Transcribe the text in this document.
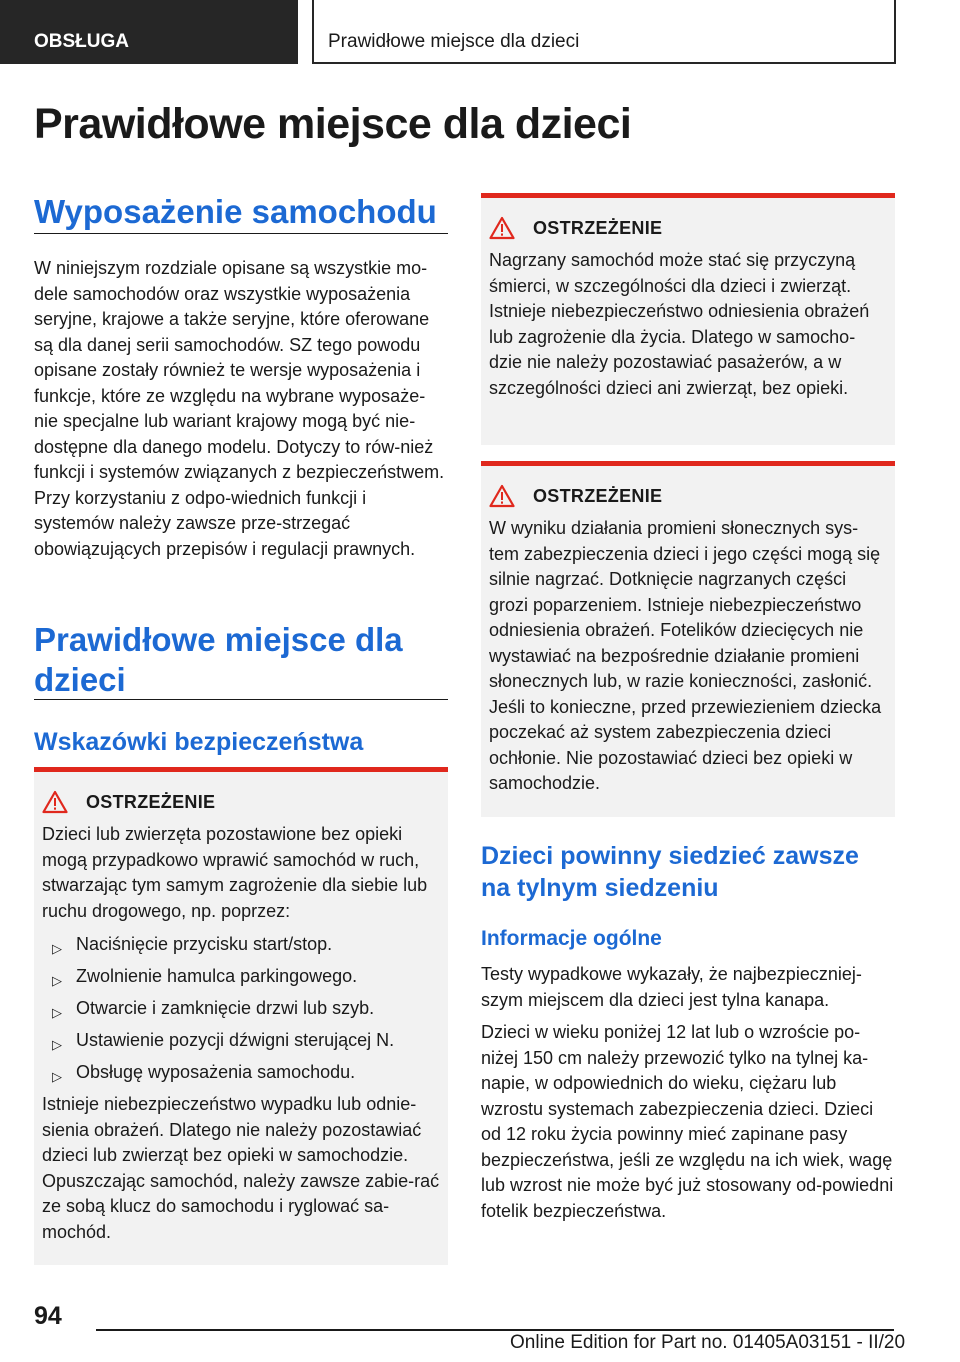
OBSŁUGA	Prawidłowe miejsce dla dzieci
Prawidłowe miejsce dla dzieci
Wyposażenie samochodu

W niniejszym rozdziale opisane są wszystkie mo-dele samochodów oraz wszystkie wyposażenia seryjne, krajowe a także seryjne, które oferowane są dla danej serii samochodów. SZ tego powodu opisane zostały również te wersje wyposażenia i funkcje, które ze względu na wybrane wyposaże-nie specjalne lub wariant krajowy mogą być nie-dostępne dla danego modelu. Dotyczy to rów-nież funkcji i systemów związanych z bezpieczeństwem. Przy korzystaniu z odpo-wiednich funkcji i systemów należy zawsze prze-strzegać obowiązujących przepisów i regulacji prawnych.

Prawidłowe miejsce dla dzieci
Wskazówki bezpieczeństwa
OSTRZEŻENIE

Dzieci lub zwierzęta pozostawione bez opieki mogą przypadkowo wprawić samochód w ruch, stwarzając tym samym zagrożenie dla siebie lub ruchu drogowego, np. poprzez:

▷ Naciśnięcie przycisku start/stop.
▷ Zwolnienie hamulca parkingowego.
▷ Otwarcie i zamknięcie drzwi lub szyb.
▷ Ustawienie pozycji dźwigni sterującej N.
▷ Obsługę wyposażenia samochodu.

Istnieje niebezpieczeństwo wypadku lub odnie-sienia obrażeń. Dlatego nie należy pozostawiać dzieci lub zwierząt bez opieki w samochodzie. Opuszczając samochód, należy zawsze zabie-rać ze sobą klucz do samochodu i ryglować sa-mochód.

OSTRZEŻENIE

Nagrzany samochód może stać się przyczyną śmierci, w szczególności dla dzieci i zwierząt. Istnieje niebezpieczeństwo odniesienia obrażeń lub zagrożenie dla życia. Dlatego w samocho-dzie nie należy pozostawiać pasażerów, a w szczególności dzieci ani zwierząt, bez opieki.

OSTRZEŻENIE

W wyniku działania promieni słonecznych sys-tem zabezpieczenia dzieci i jego części mogą się silnie nagrzać. Dotknięcie nagrzanych części grozi poparzeniem. Istnieje niebezpieczeństwo odniesienia obrażeń. Fotelików dziecięcych nie wystawiać na bezpośrednie działanie promieni słonecznych lub, w razie konieczności, zasłonić. Jeśli to konieczne, przed przewiezieniem dziecka poczekać aż system zabezpieczenia dzieci ochłonie. Nie pozostawiać dzieci bez opieki w samochodzie.

Dzieci powinny siedzieć zawsze na tylnym siedzeniu
Informacje ogólne

Testy wypadkowe wykazały, że najbezpieczniej-szym miejscem dla dzieci jest tylna kanapa.

Dzieci w wieku poniżej 12 lat lub o wzroście po-niżej 150 cm należy przewozić tylko na tylnej ka-napie, w odpowiednich do wieku, ciężaru lub wzrostu systemach zabezpieczenia dzieci. Dzieci od 12 roku życia powinny mieć zapinane pasy bezpieczeństwa, jeśli ze względu na ich wiek, wagę lub wzrost nie może być już stosowany od-powiedni fotelik bezpieczeństwa.

94
Online Edition for Part no. 01405A03151 - II/20
